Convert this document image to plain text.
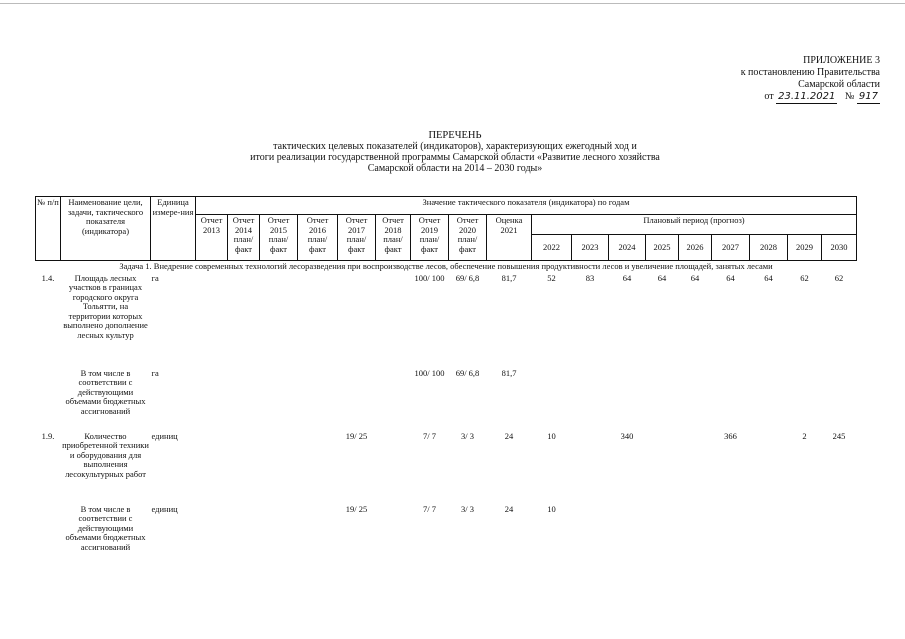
ПРИЛОЖЕНИЕ 3
к постановлению Правительства
Самарской области
от 23.11.2021 № 917
ПЕРЕЧЕНЬ
тактических целевых показателей (индикаторов), характеризующих ежегодный ход и
итоги реализации государственной программы Самарской области «Развитие лесного хозяйства
Самарской области на 2014 – 2030 годы»
№ п/п	Наименование цели, задачи, тактического показателя (индикатора)	Единица измере-ния	Значение тактического показателя (индикатора) по годам																	
			Отчет 2013	Отчет 2014 план/ факт	Отчет 2015 план/ факт	Отчет 2016 план/ факт	Отчет 2017 план/ факт	Отчет 2018 план/ факт	Отчет 2019 план/ факт	Отчет 2020 план/ факт	Оценка 2021	Плановый период (прогноз)								
												2022	2023	2024	2025	2026	2027	2028	2029	2030
Задача 1. Внедрение современных технологий лесоразведения при воспроизводстве лесов, обеспечение повышения продуктивности лесов и увеличение площадей, занятых лесами																				
1.4.	Площадь лесных участков в границах городского округа Тольятти, на территории которых выполнено дополнение лесных культур	га							100/ 100	69/ 6,8	81,7	52	83	64	64	64	64	64	62	62
	В том числе в соответствии с действующими объемами бюджетных ассигнований	га							100/ 100	69/ 6,8	81,7									
1.9.	Количество приобретенной техники и оборудования для выполнения лесокультурных работ	единиц					19/ 25		7/ 7	3/ 3	24	10		340			366		2	245
	В том числе в соответствии с действующими объемами бюджетных ассигнований	единиц					19/ 25		7/ 7	3/ 3	24	10								
